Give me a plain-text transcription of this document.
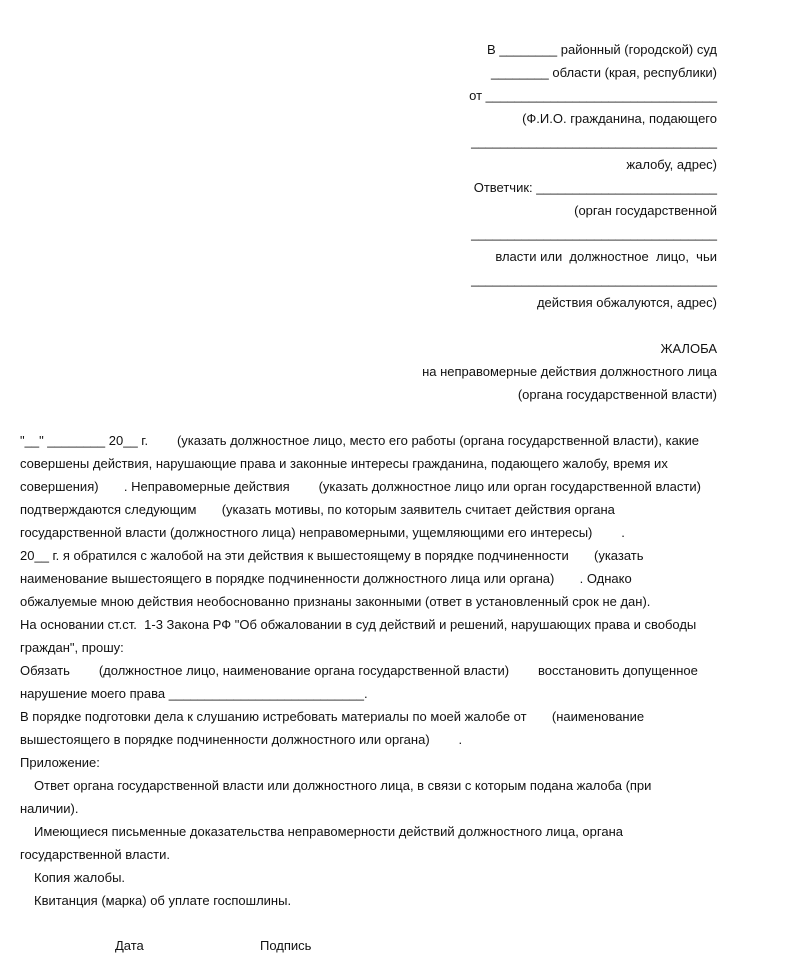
В ________ районный (городской) суд
________ области (края, республики)
от ________________________________
(Ф.И.О. гражданина, подающего
__________________________________
жалобу, адрес)
Ответчик: _________________________
(орган государственной
__________________________________
власти или  должностное  лицо,  чьи
__________________________________
действия обжалуются, адрес)
ЖАЛОБА
на неправомерные действия должностного лица
(органа государственной власти)
"__" ________ 20__ г.        (указать должностное лицо, место его работы (органа государственной власти), какие
совершены действия, нарушающие права и законные интересы гражданина, подающего жалобу, время их
совершения)       . Неправомерные действия        (указать должностное лицо или орган государственной власти)
подтверждаются следующим       (указать мотивы, по которым заявитель считает действия органа
государственной власти (должностного лица) неправомерными, ущемляющими его интересы)        .
20__ г. я обратился с жалобой на эти действия к вышестоящему в порядке подчиненности       (указать
наименование вышестоящего в порядке подчиненности должностного лица или органа)       . Однако
обжалуемые мною действия необоснованно признаны законными (ответ в установленный срок не дан).
На основании ст.ст.  1-3 Закона РФ "Об обжаловании в суд действий и решений, нарушающих права и свободы
граждан", прошу:
Обязать        (должностное лицо, наименование органа государственной власти)        восстановить допущенное
нарушение моего права ___________________________.
В порядке подготовки дела к слушанию истребовать материалы по моей жалобе от       (наименование
вышестоящего в порядке подчиненности должностного или органа)        .
Приложение:
Ответ органа государственной власти или должностного лица, в связи с которым подана жалоба (при
наличии).
Имеющиеся письменные доказательства неправомерности действий должностного лица, органа
государственной власти.
Копия жалобы.
Квитанция (марка) об уплате госпошлины.
Дата	Подпись
